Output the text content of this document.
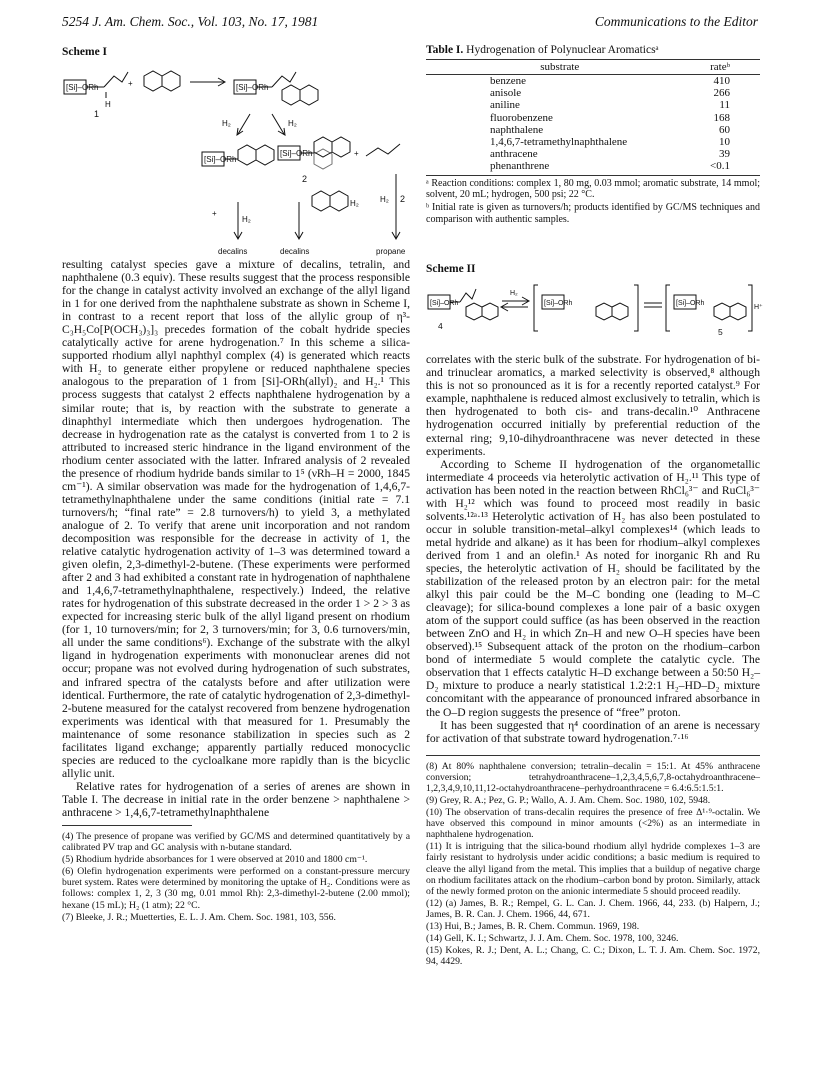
5254 J. Am. Chem. Soc., Vol. 103, No. 17, 1981	Communications to the Editor
Scheme I
[Si]–ORh
H
+	[Si]–ORh
H₂	H₂
[Si]–ORh
[Si]–ORh	+
+
H₂
H₂
H₂
decalins	decalins	propane
1
2
2

resulting catalyst species gave a mixture of decalins, tetralin, and naphthalene (0.3 equiv). These results suggest that the process responsible for the change in catalyst activity involved an exchange of the allyl ligand in 1 for one derived from the naphthalene substrate as shown in Scheme I, in contrast to a recent report that loss of the allylic group of η³-C₃H₅Co[P(OCH₃)₃]₃ precedes formation of the cobalt hydride species catalytically active for arene hydrogenation.⁷ In this scheme a silica-supported rhodium allyl naphthyl complex (4) is generated which reacts with H₂ to generate either propylene or reduced naphthalene species analogous to the preparation of 1 from [Si]-ORh(allyl)₂ and H₂.¹ This process suggests that catalyst 2 effects naphthalene hydrogenation by a similar route; that is, by reaction with the substrate to generate a dinaphthyl intermediate which then undergoes hydrogenation. The decrease in hydrogenation rate as the catalyst is converted from 1 to 2 is attributed to increased steric hindrance in the ligand environment of the rhodium center associated with the latter. Infrared analysis of 2 revealed the presence of rhodium hydride bands similar to 1⁵ (νRh–H = 2000, 1845 cm⁻¹). A similar observation was made for the hydrogenation of 1,4,6,7-tetramethylnaphthalene under the same conditions (initial rate = 7.1 turnovers/h; “final rate” = 2.8 turnovers/h) to yield 3, a methylated analogue of 2. To verify that arene unit incorporation and not random decomposition was responsible for the decrease in activity of 1, the relative catalytic hydrogenation activity of 1–3 was determined toward a given olefin, 2,3-dimethyl-2-butene. (These experiments were performed after 2 and 3 had exhibited a constant rate in hydrogenation of naphthalene and 1,4,6,7-tetramethylnaphthalene, respectively.) Indeed, the relative rates for hydrogenation of this substrate decreased in the order 1 > 2 > 3 as expected for increasing steric bulk of the allyl ligand present on rhodium (for 1, 10 turnovers/min; for 2, 3 turnovers/min; for 3, 0.6 turnovers/min, all under the same conditions⁶). Exchange of the substrate with the alkyl ligand in hydrogenation experiments with mononuclear arenes did not occur; propane was not evolved during hydrogenation of such substrates, and infrared spectra of the catalysts before and after utilization were identical. Furthermore, the rate of catalytic hydrogenation of 2,3-dimethyl-2-butene measured for the catalyst recovered from benzene hydrogenation experiments was identical with that measured for 1. Presumably the maintenance of some resonance stabilization in species such as 2 facilitates ligand exchange; apparently partially reduced monocyclic species are reduced to the cycloalkane more rapidly than is the bicyclic allylic unit.

Relative rates for hydrogenation of a series of arenes are shown in Table I. The decrease in initial rate in the order benzene > naphthalene > anthracene > 1,4,6,7-tetramethylnaphthalene

(4) The presence of propane was verified by GC/MS and determined quantitatively by a calibrated PV trap and GC analysis with n-butane standard.

(5) Rhodium hydride absorbances for 1 were observed at 2010 and 1800 cm⁻¹.

(6) Olefin hydrogenation experiments were performed on a constant-pressure mercury buret system. Rates were determined by monitoring the uptake of H₂. Conditions were as follows: complex 1, 2, 3 (30 mg, 0.01 mmol Rh): 2,3-dimethyl-2-butene (2.00 mmol); hexane (15 mL); H₂ (1 atm); 22 °C.

(7) Bleeke, J. R.; Muetterties, E. L. J. Am. Chem. Soc. 1981, 103, 556.

Table I. Hydrogenation of Polynuclear Aromaticsᵃ
substrate	rateᵇ
benzene	410
anisole	266
aniline	11
fluorobenzene	168
naphthalene	60
1,4,6,7-tetramethylnaphthalene	10
anthracene	39
phenanthrene	<0.1

ᵃ Reaction conditions: complex 1, 80 mg, 0.03 mmol; aromatic substrate, 14 mmol; solvent, 20 mL; hydrogen, 500 psi; 22 °C.

ᵇ Initial rate is given as turnovers/h; products identified by GC/MS techniques and comparison with authentic samples.

Scheme II
[Si]–ORh
H₂
[Si]–ORh	[Si]–ORh
H⁺
4
5

correlates with the steric bulk of the substrate. For hydrogenation of bi- and trinuclear aromatics, a marked selectivity is observed,⁸ although this is not so pronounced as it is for a recently reported catalyst.⁹ For example, naphthalene is reduced almost exclusively to tetralin, which is then hydrogenated to both cis- and trans-decalin.¹⁰ Anthracene hydrogenation occurred initially by preferential reduction of the external ring; 9,10-dihydroanthracene was never detected in these experiments.

According to Scheme II hydrogenation of the organometallic intermediate 4 proceeds via heterolytic activation of H₂.¹¹ This type of activation has been noted in the reaction between RhCl₆³⁻ and RuCl₆³⁻ with H₂¹² which was found to proceed most readily in basic solvents.¹²ᵃ·¹³ Heterolytic activation of H₂ has also been postulated to occur in soluble transition-metal–alkyl complexes¹⁴ (which leads to metal hydride and alkane) as it has been for rhodium–alkyl complexes derived from 1 and an olefin.¹ As noted for inorganic Rh and Ru species, the heterolytic activation of H₂ should be facilitated by the stabilization of the released proton by an electron pair: for the metal alkyl this pair could be the M–C bonding one (leading to M–C cleavage); for silica-bound complexes a lone pair of a basic oxygen atom of the support could suffice (as has been observed in the reaction between ZnO and H₂ in which Zn–H and new O–H species have been observed).¹⁵ Subsequent attack of the proton on the rhodium–carbon bond of intermediate 5 would complete the catalytic cycle. The observation that 1 effects catalytic H–D exchange between a 50:50 H₂–D₂ mixture to produce a nearly statistical 1.2:2:1 H₂–HD–D₂ mixture concomitant with the appearance of pronounced infrared absorbance in the O–D region suggests the presence of “free” proton.

It has been suggested that η⁴ coordination of an arene is necessary for activation of that substrate toward hydrogenation.⁷·¹⁶

(8) At 80% naphthalene conversion; tetralin–decalin = 15:1. At 45% anthracene conversion; tetrahydroanthracene–1,2,3,4,5,6,7,8-octahydroanthracene–1,2,3,4,9,10,11,12-octahydroanthracene–perhydroanthracene = 6.4:6.5:1.5:1.

(9) Grey, R. A.; Pez, G. P.; Wallo, A. J. Am. Chem. Soc. 1980, 102, 5948.

(10) The observation of trans-decalin requires the presence of free Δ¹·⁹-octalin. We have observed this compound in minor amounts (<2%) as an intermediate in naphthalene hydrogenation.

(11) It is intriguing that the silica-bound rhodium allyl hydride complexes 1–3 are fairly resistant to hydrolysis under acidic conditions; a basic medium is required to cleave the allyl ligand from the metal. This implies that a buildup of negative charge on rhodium facilitates attack on the rhodium–carbon bond by proton. Similarly, attack of the newly formed proton on the anionic intermediate 5 should proceed readily.

(12) (a) James, B. R.; Rempel, G. L. Can. J. Chem. 1966, 44, 233. (b) Halpern, J.; James, B. R. Can. J. Chem. 1966, 44, 671.

(13) Hui, B.; James, B. R. Chem. Commun. 1969, 198.

(14) Gell, K. I.; Schwartz, J. J. Am. Chem. Soc. 1978, 100, 3246.

(15) Kokes, R. J.; Dent, A. L.; Chang, C. C.; Dixon, L. T. J. Am. Chem. Soc. 1972, 94, 4429.
